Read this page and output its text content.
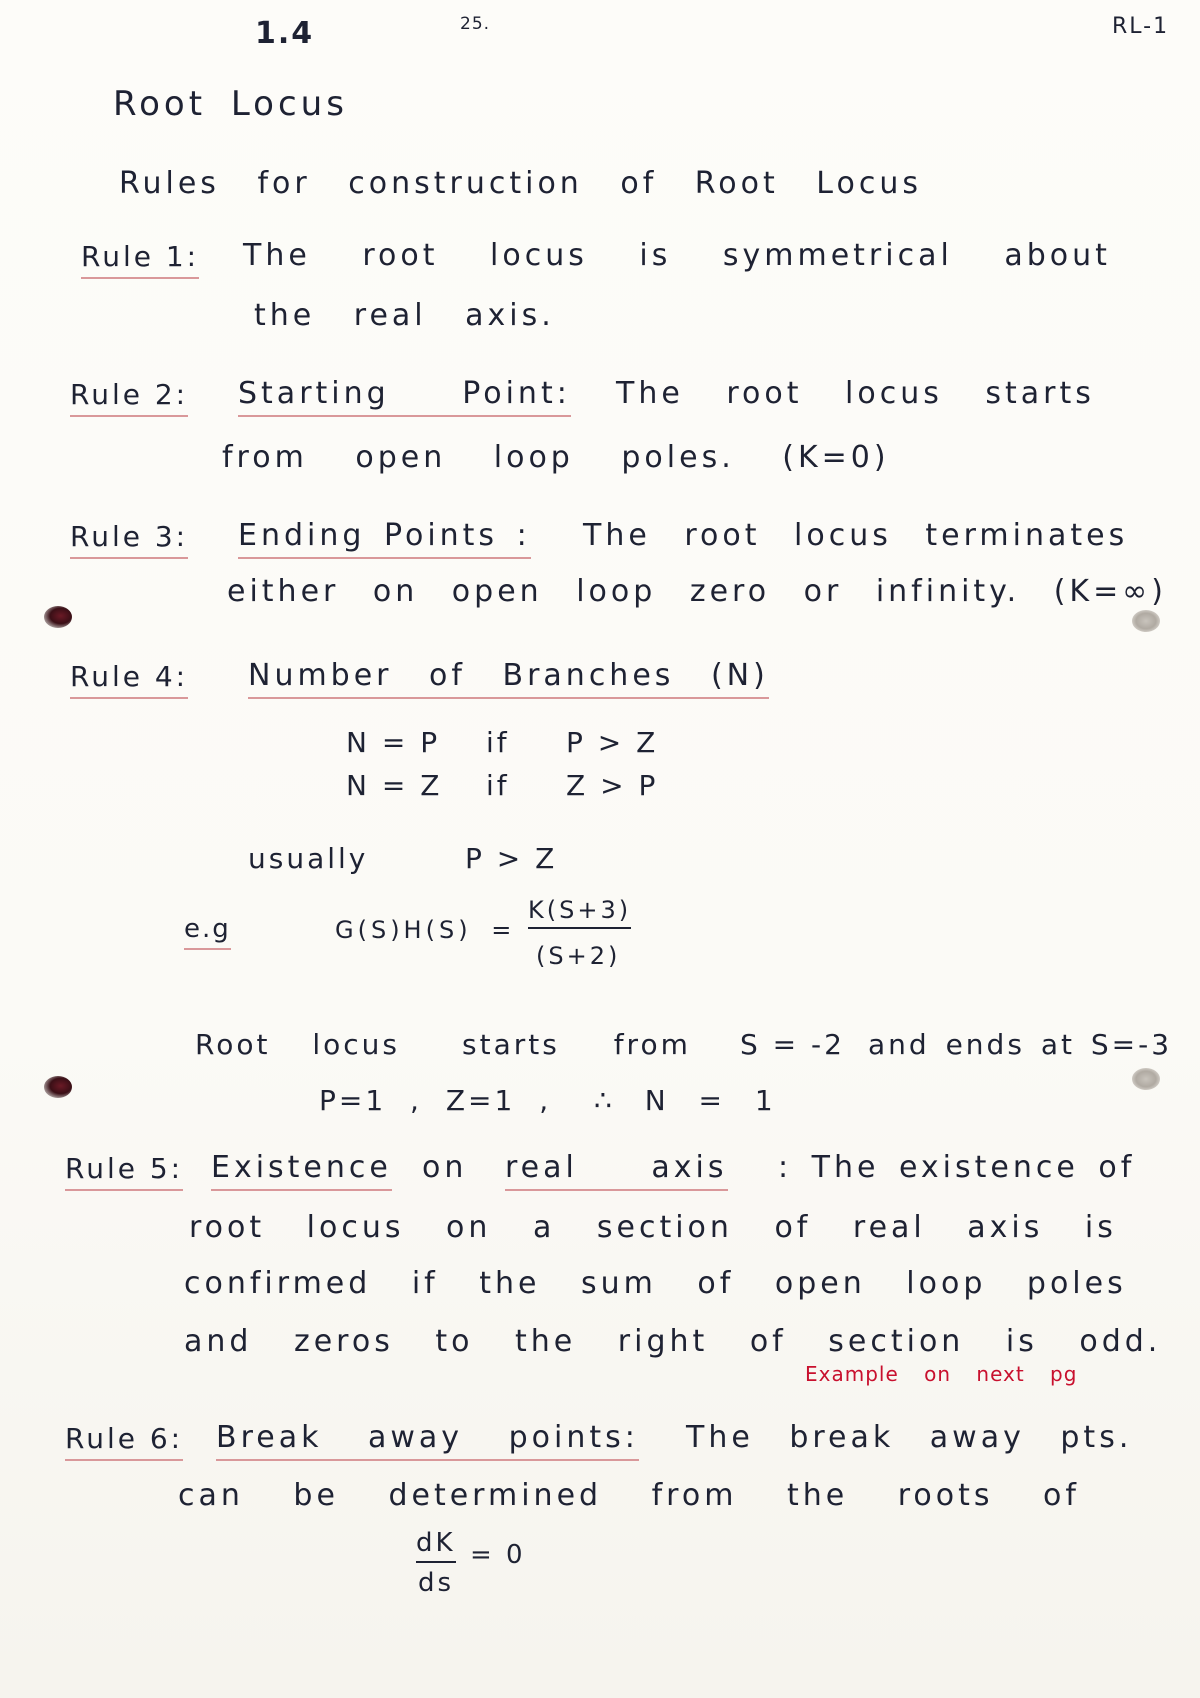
1.4	25.	RL-1
Root Locus
Rules for construction of Root Locus
Rule 1: The root locus is symmetrical about
the real axis.
Rule 2: Starting Point: The root locus starts
from open loop poles. (K=0)
Rule 3: Ending Points : The root locus terminates
either on open loop zero or infinity. (K=∞)
Rule 4: Number of Branches (N)
N = P if P > Z
N = Z if Z > P
usually	P > Z
e.g	G(S)H(S) =
K(S+3)
(S+2)
Root locus starts from S = -2 and ends at S=-3
P=1 , Z=1 , ∴ N = 1
Rule 5: Existence on real axis : The existence of
root locus on a section of real axis is
confirmed if the sum of open loop poles
and zeros to the right of section is odd.
Example on next pg
Rule 6: Break away points: The break away pts.
can be determined from the roots of
dK
ds
= 0
